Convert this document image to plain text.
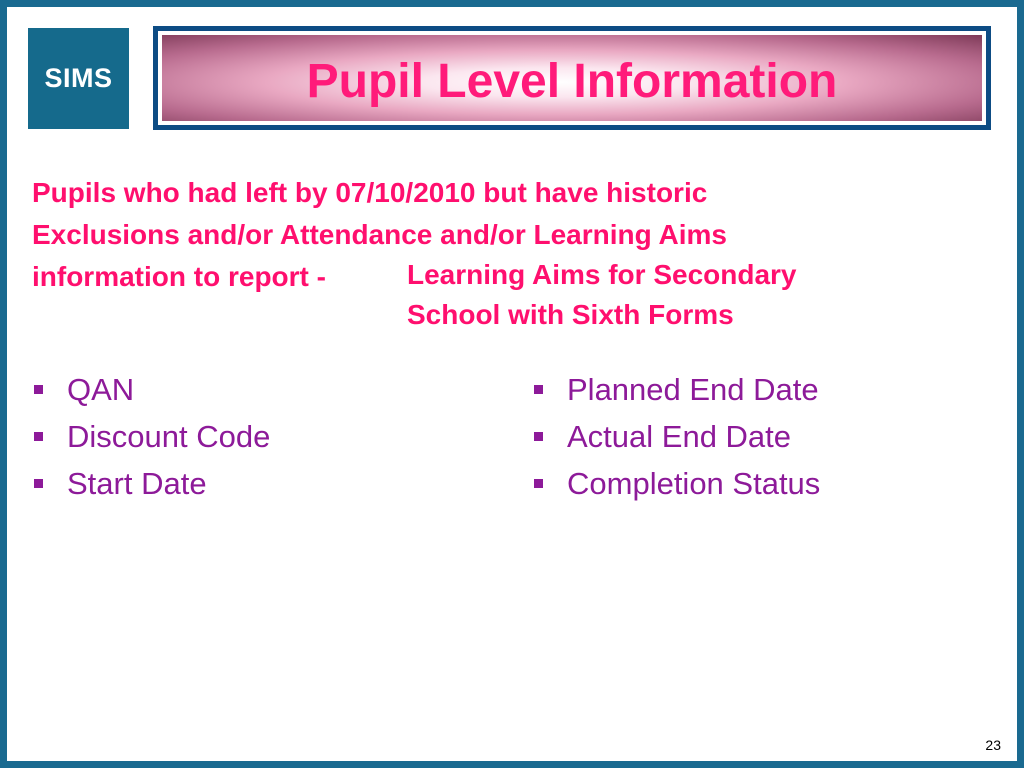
SIMS	Pupil Level Information
Pupils who had left by 07/10/2010 but have historic
Exclusions and/or Attendance and/or Learning Aims
information to report -	Learning Aims for Secondary
School with Sixth Forms
QAN
Discount Code
Start Date
Planned End Date
Actual End Date
Completion Status
23
